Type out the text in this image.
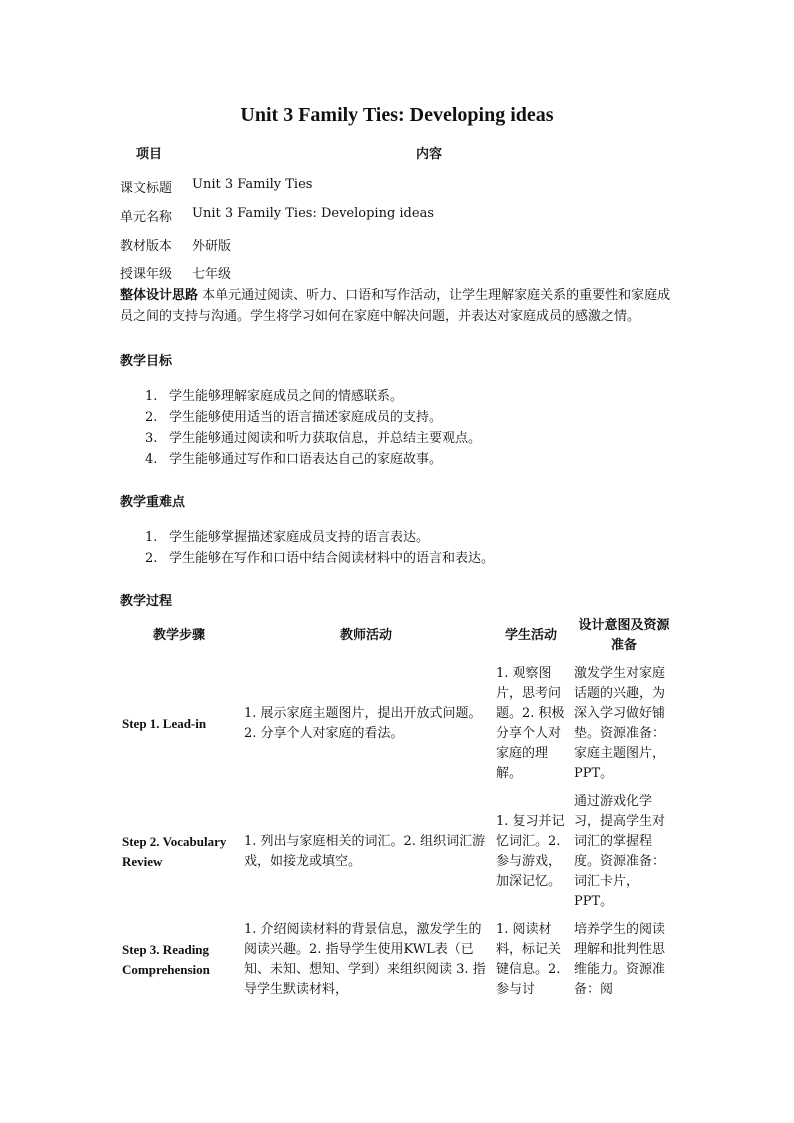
Unit 3 Family Ties: Developing ideas
项目	内容
课文标题	Unit 3 Family Ties
单元名称	Unit 3 Family Ties: Developing ideas
教材版本	外研版
授课年级	七年级
整体设计思路 本单元通过阅读、听力、口语和写作活动，让学生理解家庭关系的重要性和家庭成员之间的支持与沟通。学生将学习如何在家庭中解决问题，并表达对家庭成员的感激之情。
教学目标
1. 学生能够理解家庭成员之间的情感联系。
2. 学生能够使用适当的语言描述家庭成员的支持。
3. 学生能够通过阅读和听力获取信息，并总结主要观点。
4. 学生能够通过写作和口语表达自己的家庭故事。
教学重难点
1. 学生能够掌握描述家庭成员支持的语言表达。
2. 学生能够在写作和口语中结合阅读材料中的语言和表达。
教学过程
教学步骤	教师活动	学生活动	设计意图及资源准备
Step 1. Lead-in	1. 展示家庭主题图片，提出开放式问题。2. 分享个人对家庭的看法。	1. 观察图片，思考问题。2. 积极分享个人对家庭的理解。	激发学生对家庭话题的兴趣，为深入学习做好铺垫。资源准备：家庭主题图片，PPT。
Step 2. Vocabulary Review	1. 列出与家庭相关的词汇。2. 组织词汇游戏，如接龙或填空。	1. 复习并记忆词汇。2. 参与游戏，加深记忆。	通过游戏化学习，提高学生对词汇的掌握程度。资源准备：词汇卡片，PPT。
Step 3. Reading Comprehension	1. 介绍阅读材料的背景信息，激发学生的阅读兴趣。2. 指导学生使用KWL表（已知、未知、想知、学到）来组织阅读 3. 指导学生默读材料，	1. 阅读材料，标记关键信息。2. 参与讨	培养学生的阅读理解和批判性思维能力。资源准备：阅
